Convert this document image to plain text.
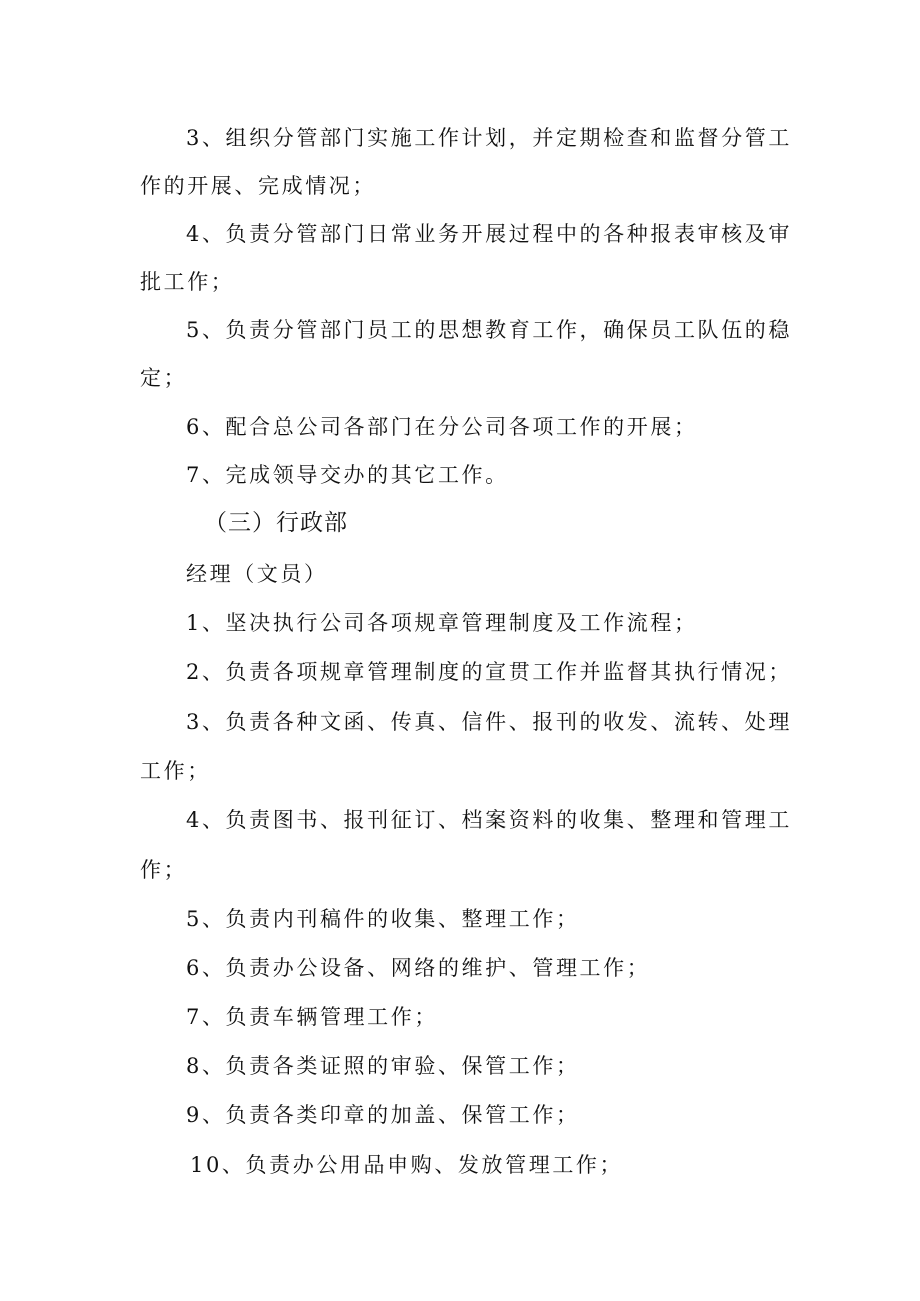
3、组织分管部门实施工作计划，并定期检查和监督分管工
作的开展、完成情况；
4、负责分管部门日常业务开展过程中的各种报表审核及审
批工作；
5、负责分管部门员工的思想教育工作，确保员工队伍的稳
定；
6、配合总公司各部门在分公司各项工作的开展；
7、完成领导交办的其它工作。
（三）行政部
经理（文员）
1、坚决执行公司各项规章管理制度及工作流程；
2、负责各项规章管理制度的宣贯工作并监督其执行情况；
3、负责各种文函、传真、信件、报刊的收发、流转、处理
工作；
4、负责图书、报刊征订、档案资料的收集、整理和管理工
作；
5、负责内刊稿件的收集、整理工作；
6、负责办公设备、网络的维护、管理工作；
7、负责车辆管理工作；
8、负责各类证照的审验、保管工作；
9、负责各类印章的加盖、保管工作；
10、负责办公用品申购、发放管理工作；
